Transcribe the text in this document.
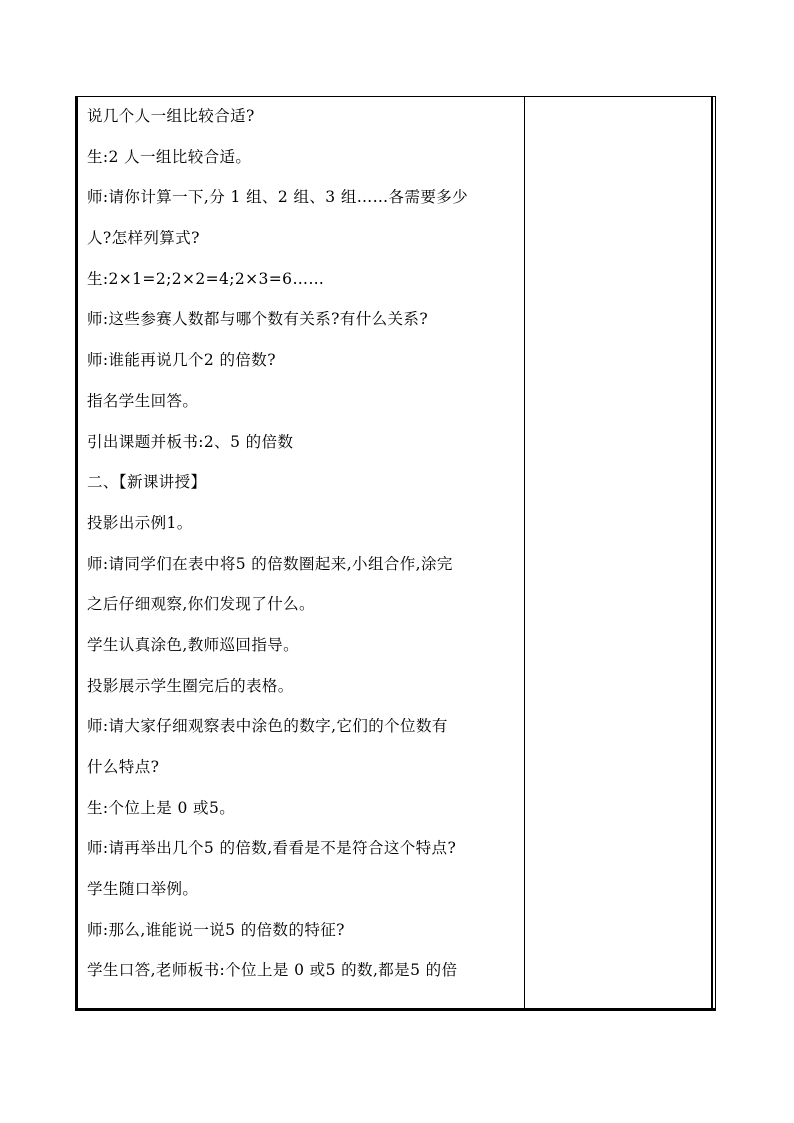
说几个人一组比较合适?
生:2 人一组比较合适。
师:请你计算一下,分 1 组、2 组、3 组……各需要多少
人?怎样列算式?
生:2×1=2;2×2=4;2×3=6……
师:这些参赛人数都与哪个数有关系?有什么关系?
师:谁能再说几个2 的倍数?
指名学生回答。
引出课题并板书:2、5 的倍数
二、【新课讲授】
投影出示例1。
师:请同学们在表中将5 的倍数圈起来,小组合作,涂完
之后仔细观察,你们发现了什么。
学生认真涂色,教师巡回指导。
投影展示学生圈完后的表格。
师:请大家仔细观察表中涂色的数字,它们的个位数有
什么特点?
生:个位上是 0 或5。
师:请再举出几个5 的倍数,看看是不是符合这个特点?
学生随口举例。
师:那么,谁能说一说5 的倍数的特征?
学生口答,老师板书:个位上是 0 或5 的数,都是5 的倍
